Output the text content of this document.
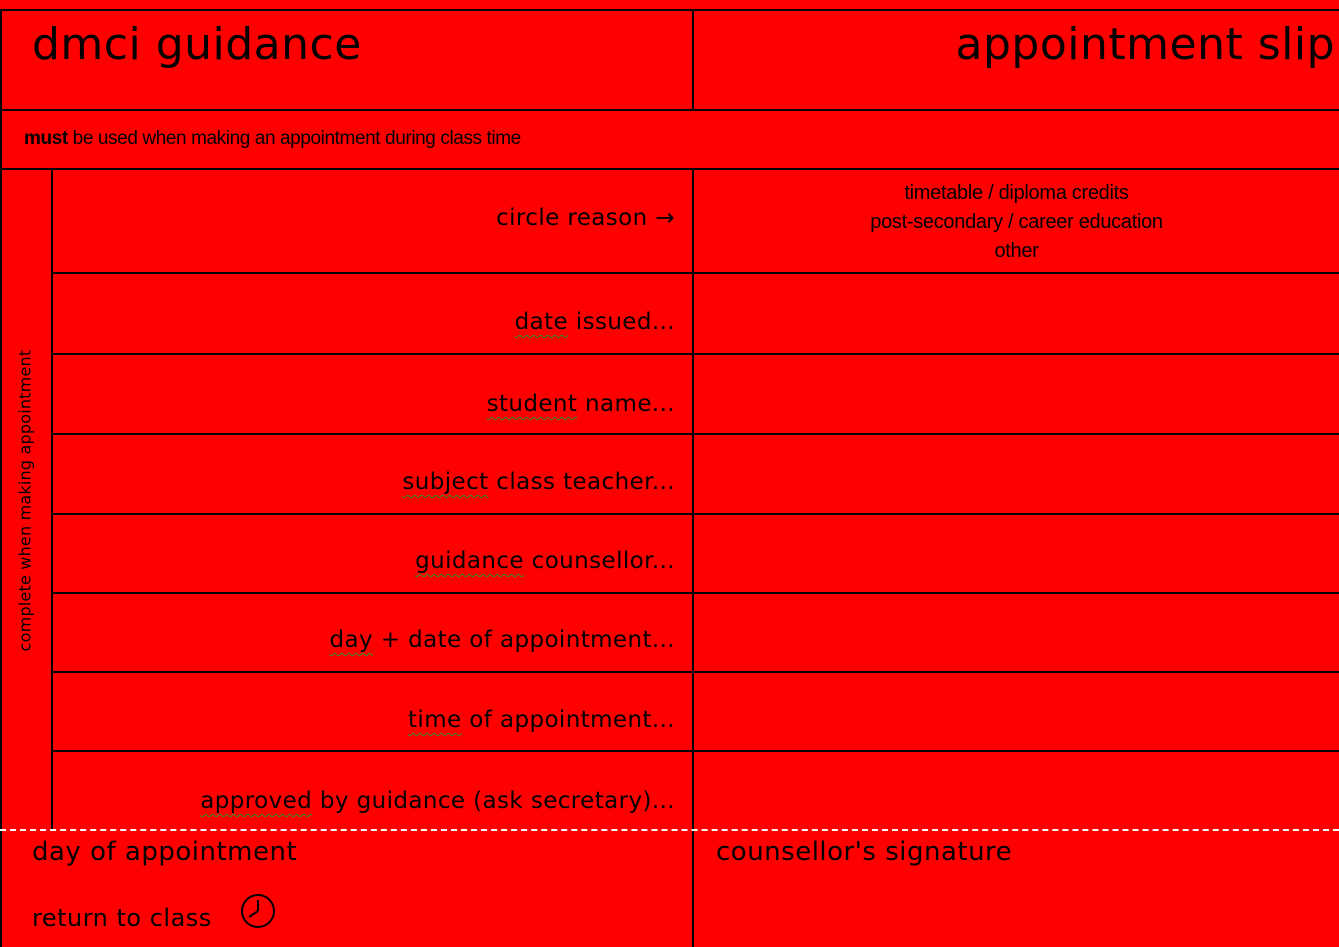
dmci guidance	appointment slip
must be used when making an appointment during class time
complete when making appointment
circle reason →
date issued...
student name...
subject class teacher...
guidance counsellor...
day + date of appointment...
time of appointment...
approved by guidance (ask secretary)...
timetable / diploma credits
post-secondary / career education
other
day of appointment
return to class
counsellor's signature
